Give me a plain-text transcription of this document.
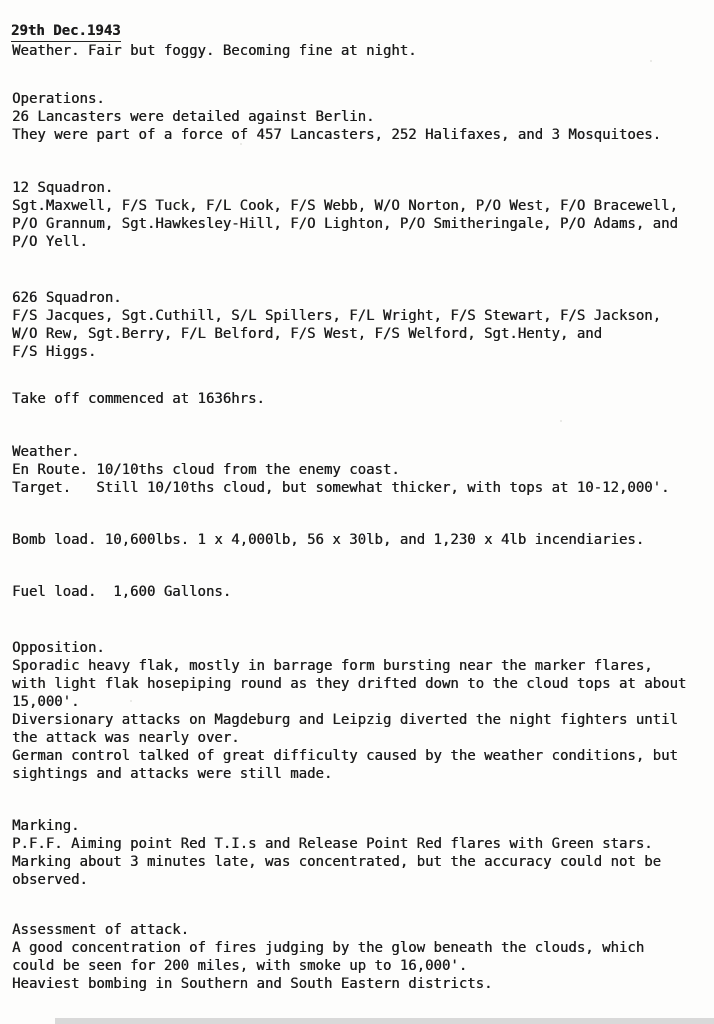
29th Dec.1943
Weather. Fair but foggy. Becoming fine at night.
Operations.
26 Lancasters were detailed against Berlin.
They were part of a force of 457 Lancasters, 252 Halifaxes, and 3 Mosquitoes.
12 Squadron.
Sgt.Maxwell, F/S Tuck, F/L Cook, F/S Webb, W/O Norton, P/O West, F/O Bracewell,
P/O Grannum, Sgt.Hawkesley-Hill, F/O Lighton, P/O Smitheringale, P/O Adams, and
P/O Yell.
626 Squadron.
F/S Jacques, Sgt.Cuthill, S/L Spillers, F/L Wright, F/S Stewart, F/S Jackson,
W/O Rew, Sgt.Berry, F/L Belford, F/S West, F/S Welford, Sgt.Henty, and
F/S Higgs.
Take off commenced at 1636hrs.
Weather.
En Route. 10/10ths cloud from the enemy coast.
Target.   Still 10/10ths cloud, but somewhat thicker, with tops at 10-12,000'.
Bomb load. 10,600lbs. 1 x 4,000lb, 56 x 30lb, and 1,230 x 4lb incendiaries.
Fuel load.  1,600 Gallons.
Opposition.
Sporadic heavy flak, mostly in barrage form bursting near the marker flares,
with light flak hosepiping round as they drifted down to the cloud tops at about
15,000'.
Diversionary attacks on Magdeburg and Leipzig diverted the night fighters until
the attack was nearly over.
German control talked of great difficulty caused by the weather conditions, but
sightings and attacks were still made.
Marking.
P.F.F. Aiming point Red T.I.s and Release Point Red flares with Green stars.
Marking about 3 minutes late, was concentrated, but the accuracy could not be
observed.
Assessment of attack.
A good concentration of fires judging by the glow beneath the clouds, which
could be seen for 200 miles, with smoke up to 16,000'.
Heaviest bombing in Southern and South Eastern districts.
